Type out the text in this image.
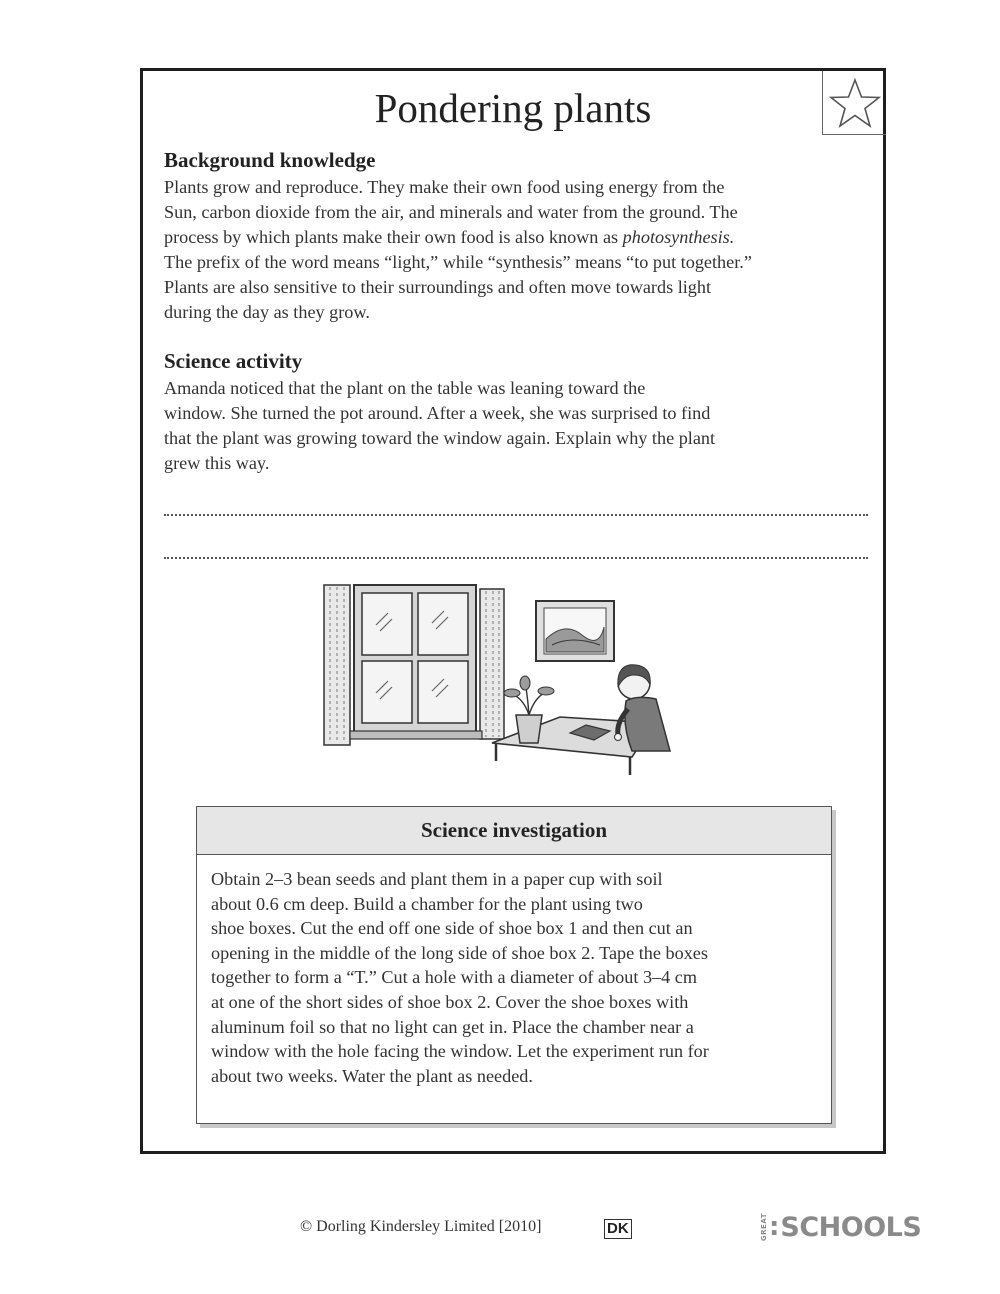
Pondering plants
Background knowledge
Plants grow and reproduce. They make their own food using energy from the
Sun, carbon dioxide from the air, and minerals and water from the ground. The
process by which plants make their own food is also known as photosynthesis.
The prefix of the word means “light,” while “synthesis” means “to put together.”
Plants are also sensitive to their surroundings and often move towards light
during the day as they grow.
Science activity
Amanda noticed that the plant on the table was leaning toward the
window. She turned the pot around. After a week, she was surprised to find
that the plant was growing toward the window again. Explain why the plant
grew this way.
Science investigation
Obtain 2–3 bean seeds and plant them in a paper cup with soil
about 0.6 cm deep. Build a chamber for the plant using two
shoe boxes. Cut the end off one side of shoe box 1 and then cut an
opening in the middle of the long side of shoe box 2. Tape the boxes
together to form a “T.” Cut a hole with a diameter of about 3–4 cm
at one of the short sides of shoe box 2. Cover the shoe boxes with
aluminum foil so that no light can get in. Place the chamber near a
window with the hole facing the window. Let the experiment run for
about two weeks. Water the plant as needed.
© Dorling Kindersley Limited [2010]	DK	GREAT : SCHOOLS
